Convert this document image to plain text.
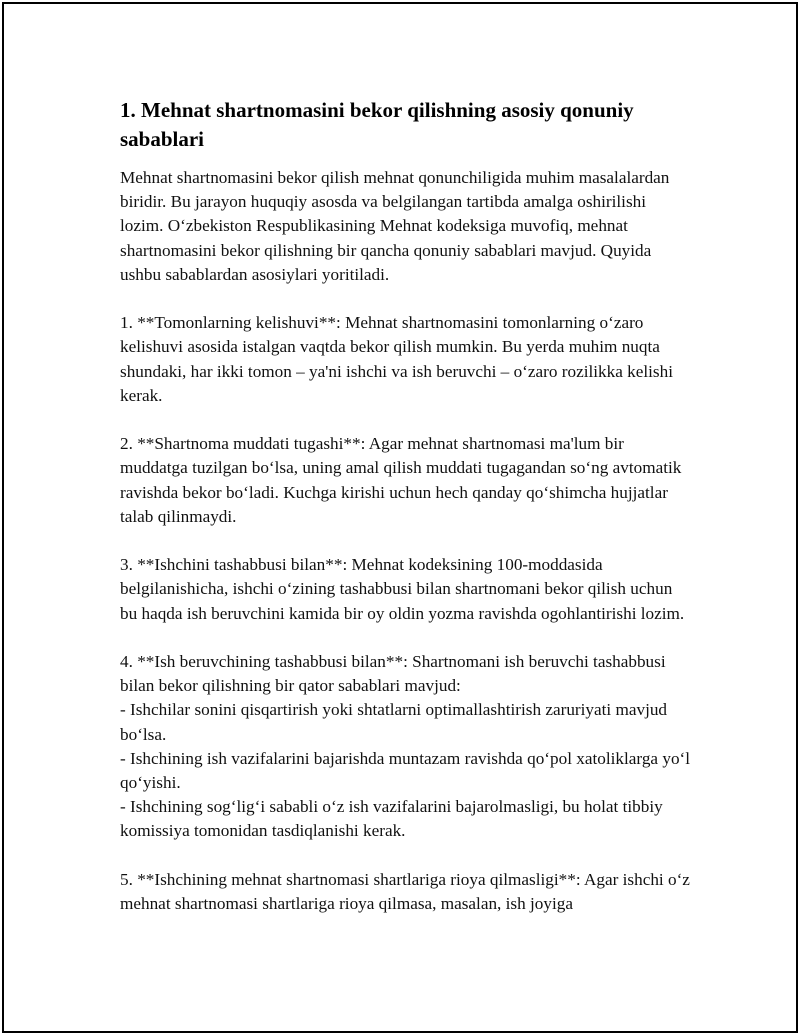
1. Mehnat shartnomasini bekor qilishning asosiy qonuniy sabablari

Mehnat shartnomasini bekor qilish mehnat qonunchiligida muhim masalalardan biridir. Bu jarayon huquqiy asosda va belgilangan tartibda amalga oshirilishi lozim. O‘zbekiston Respublikasining Mehnat kodeksiga muvofiq, mehnat shartnomasini bekor qilishning bir qancha qonuniy sabablari mavjud. Quyida ushbu sabablardan asosiylari yoritiladi.

1. **Tomonlarning kelishuvi**: Mehnat shartnomasini tomonlarning o‘zaro kelishuvi asosida istalgan vaqtda bekor qilish mumkin. Bu yerda muhim nuqta shundaki, har ikki tomon – ya'ni ishchi va ish beruvchi – o‘zaro rozilikka kelishi kerak.

2. **Shartnoma muddati tugashi**: Agar mehnat shartnomasi ma'lum bir muddatga tuzilgan bo‘lsa, uning amal qilish muddati tugagandan so‘ng avtomatik ravishda bekor bo‘ladi. Kuchga kirishi uchun hech qanday qo‘shimcha hujjatlar talab qilinmaydi.

3. **Ishchini tashabbusi bilan**: Mehnat kodeksining 100-moddasida belgilanishicha, ishchi o‘zining tashabbusi bilan shartnomani bekor qilish uchun bu haqda ish beruvchini kamida bir oy oldin yozma ravishda ogohlantirishi lozim.

4. **Ish beruvchining tashabbusi bilan**: Shartnomani ish beruvchi tashabbusi bilan bekor qilishning bir qator sabablari mavjud:
- Ishchilar sonini qisqartirish yoki shtatlarni optimallashtirish zaruriyati mavjud bo‘lsa.
- Ishchining ish vazifalarini bajarishda muntazam ravishda qo‘pol xatoliklarga yo‘l qo‘yishi.
- Ishchining sog‘lig‘i sababli o‘z ish vazifalarini bajarolmasligi, bu holat tibbiy komissiya tomonidan tasdiqlanishi kerak.

5. **Ishchining mehnat shartnomasi shartlariga rioya qilmasligi**: Agar ishchi o‘z mehnat shartnomasi shartlariga rioya qilmasa, masalan, ish joyiga
